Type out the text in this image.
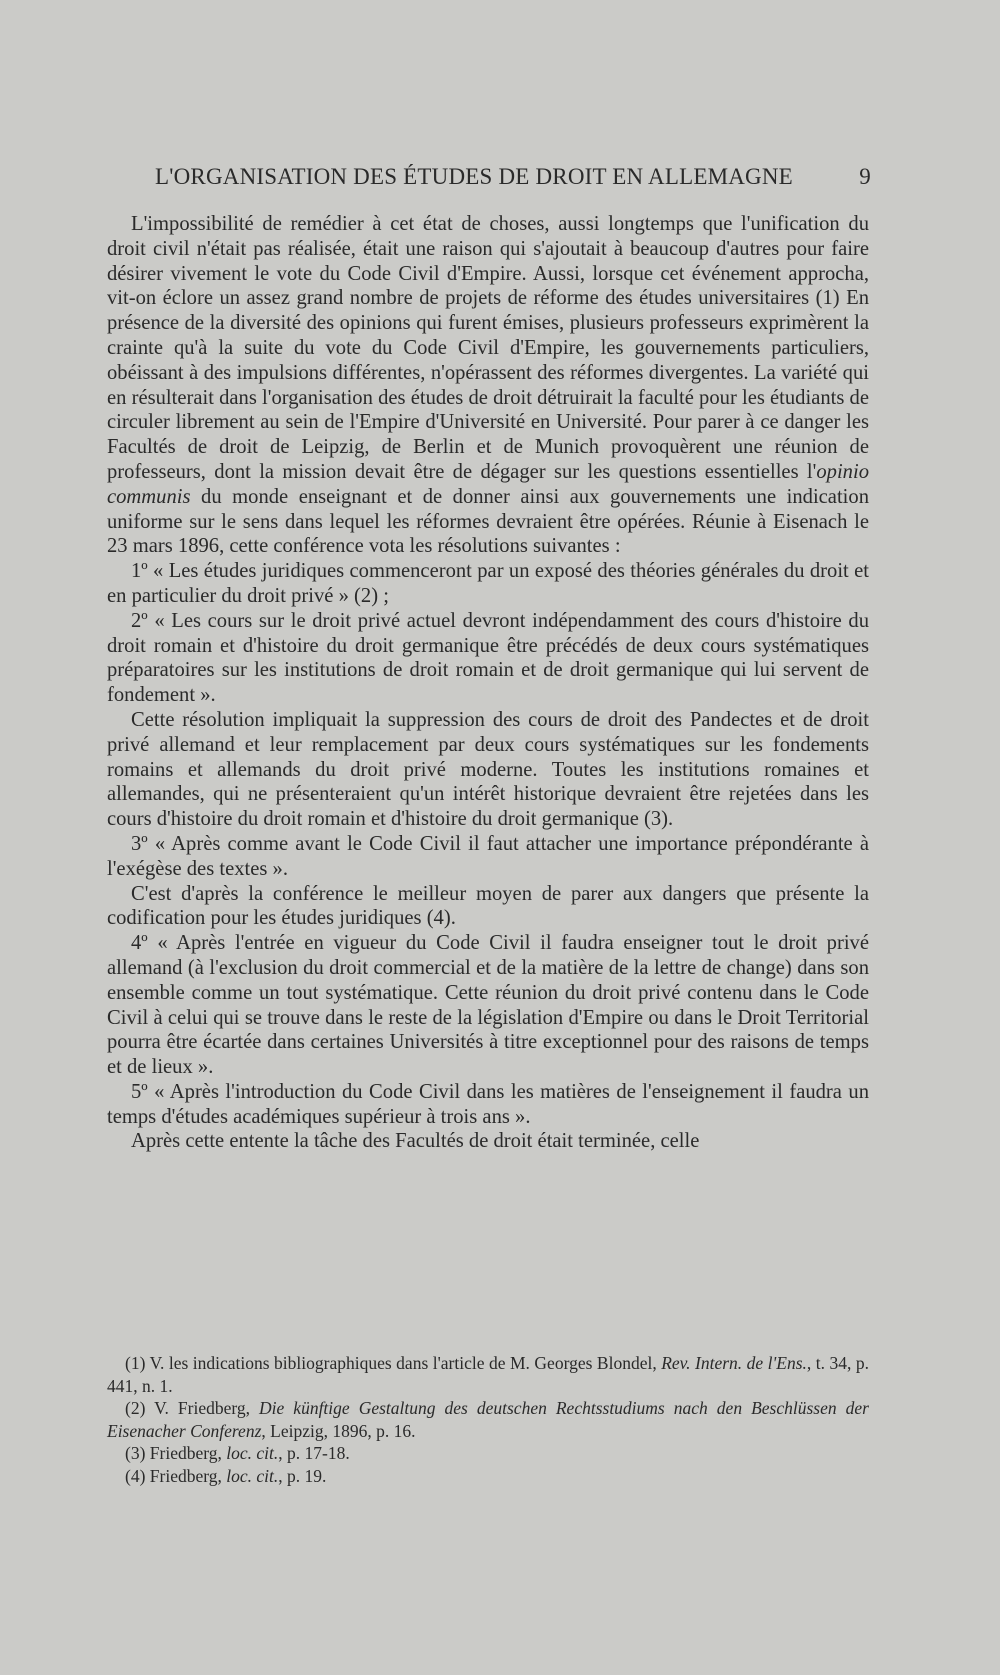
L'ORGANISATION DES ÉTUDES DE DROIT EN ALLEMAGNE	9

L'impossibilité de remédier à cet état de choses, aussi longtemps que l'unification du droit civil n'était pas réalisée, était une raison qui s'ajoutait à beaucoup d'autres pour faire désirer vivement le vote du Code Civil d'Empire. Aussi, lorsque cet événement approcha, vit-on éclore un assez grand nombre de projets de réforme des études universitaires (1) En présence de la diversité des opinions qui furent émises, plusieurs professeurs exprimèrent la crainte qu'à la suite du vote du Code Civil d'Empire, les gouvernements particuliers, obéissant à des impulsions différentes, n'opérassent des réformes divergentes. La variété qui en résulterait dans l'organisation des études de droit détruirait la faculté pour les étudiants de circuler librement au sein de l'Empire d'Université en Université. Pour parer à ce danger les Facultés de droit de Leipzig, de Berlin et de Munich provoquèrent une réunion de professeurs, dont la mission devait être de dégager sur les questions essentielles l'opinio communis du monde enseignant et de donner ainsi aux gouvernements une indication uniforme sur le sens dans lequel les réformes devraient être opérées. Réunie à Eisenach le 23 mars 1896, cette conférence vota les résolutions suivantes :

1º « Les études juridiques commenceront par un exposé des théories générales du droit et en particulier du droit privé » (2) ;

2º « Les cours sur le droit privé actuel devront indépendamment des cours d'histoire du droit romain et d'histoire du droit germanique être précédés de deux cours systématiques préparatoires sur les institutions de droit romain et de droit germanique qui lui servent de fondement ».

Cette résolution impliquait la suppression des cours de droit des Pandectes et de droit privé allemand et leur remplacement par deux cours systématiques sur les fondements romains et allemands du droit privé moderne. Toutes les institutions romaines et allemandes, qui ne présenteraient qu'un intérêt historique devraient être rejetées dans les cours d'histoire du droit romain et d'histoire du droit germanique (3).

3º « Après comme avant le Code Civil il faut attacher une importance prépondérante à l'exégèse des textes ».

C'est d'après la conférence le meilleur moyen de parer aux dangers que présente la codification pour les études juridiques (4).

4º « Après l'entrée en vigueur du Code Civil il faudra enseigner tout le droit privé allemand (à l'exclusion du droit commercial et de la matière de la lettre de change) dans son ensemble comme un tout systématique. Cette réunion du droit privé contenu dans le Code Civil à celui qui se trouve dans le reste de la législation d'Empire ou dans le Droit Territorial pourra être écartée dans certaines Universités à titre exceptionnel pour des raisons de temps et de lieux ».

5º « Après l'introduction du Code Civil dans les matières de l'enseignement il faudra un temps d'études académiques supérieur à trois ans ».

Après cette entente la tâche des Facultés de droit était terminée, celle

(1) V. les indications bibliographiques dans l'article de M. Georges Blondel, Rev. Intern. de l'Ens., t. 34, p. 441, n. 1.

(2) V. Friedberg, Die künftige Gestaltung des deutschen Rechtsstudiums nach den Beschlüssen der Eisenacher Conferenz, Leipzig, 1896, p. 16.

(3) Friedberg, loc. cit., p. 17-18.

(4) Friedberg, loc. cit., p. 19.
